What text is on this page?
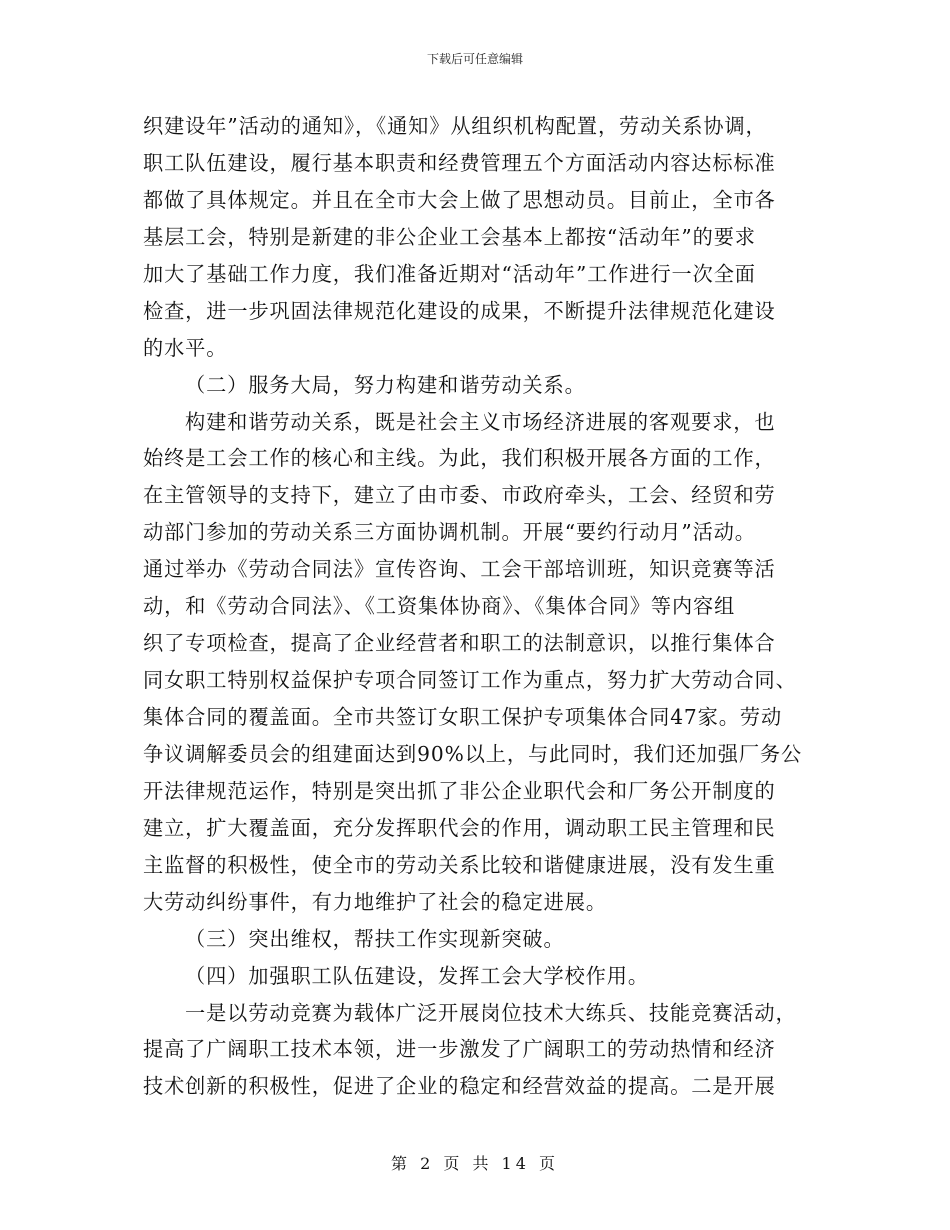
下载后可任意编辑
织建设年”活动的通知》，《通知》从组织机构配置，劳动关系协调，
职工队伍建设，履行基本职责和经费管理五个方面活动内容达标标准
都做了具体规定。并且在全市大会上做了思想动员。目前止，全市各
基层工会，特别是新建的非公企业工会基本上都按“活动年”的要求
加大了基础工作力度，我们准备近期对“活动年”工作进行一次全面
检查，进一步巩固法律规范化建设的成果，不断提升法律规范化建设
的水平。
（二）服务大局，努力构建和谐劳动关系。
构建和谐劳动关系，既是社会主义市场经济进展的客观要求，也
始终是工会工作的核心和主线。为此，我们积极开展各方面的工作，
在主管领导的支持下，建立了由市委、市政府牵头，工会、经贸和劳
动部门参加的劳动关系三方面协调机制。开展“要约行动月”活动。
通过举办《劳动合同法》宣传咨询、工会干部培训班，知识竞赛等活
动，和《劳动合同法》、《工资集体协商》、《集体合同》等内容组
织了专项检查，提高了企业经营者和职工的法制意识，以推行集体合
同女职工特别权益保护专项合同签订工作为重点，努力扩大劳动合同、
集体合同的覆盖面。全市共签订女职工保护专项集体合同47家。劳动
争议调解委员会的组建面达到90%以上，与此同时，我们还加强厂务公
开法律规范运作，特别是突出抓了非公企业职代会和厂务公开制度的
建立，扩大覆盖面，充分发挥职代会的作用，调动职工民主管理和民
主监督的积极性，使全市的劳动关系比较和谐健康进展，没有发生重
大劳动纠纷事件，有力地维护了社会的稳定进展。
（三）突出维权，帮扶工作实现新突破。
（四）加强职工队伍建设，发挥工会大学校作用。
一是以劳动竞赛为载体广泛开展岗位技术大练兵、技能竞赛活动，
提高了广阔职工技术本领，进一步激发了广阔职工的劳动热情和经济
技术创新的积极性，促进了企业的稳定和经营效益的提高。二是开展
第 2 页 共 14 页
